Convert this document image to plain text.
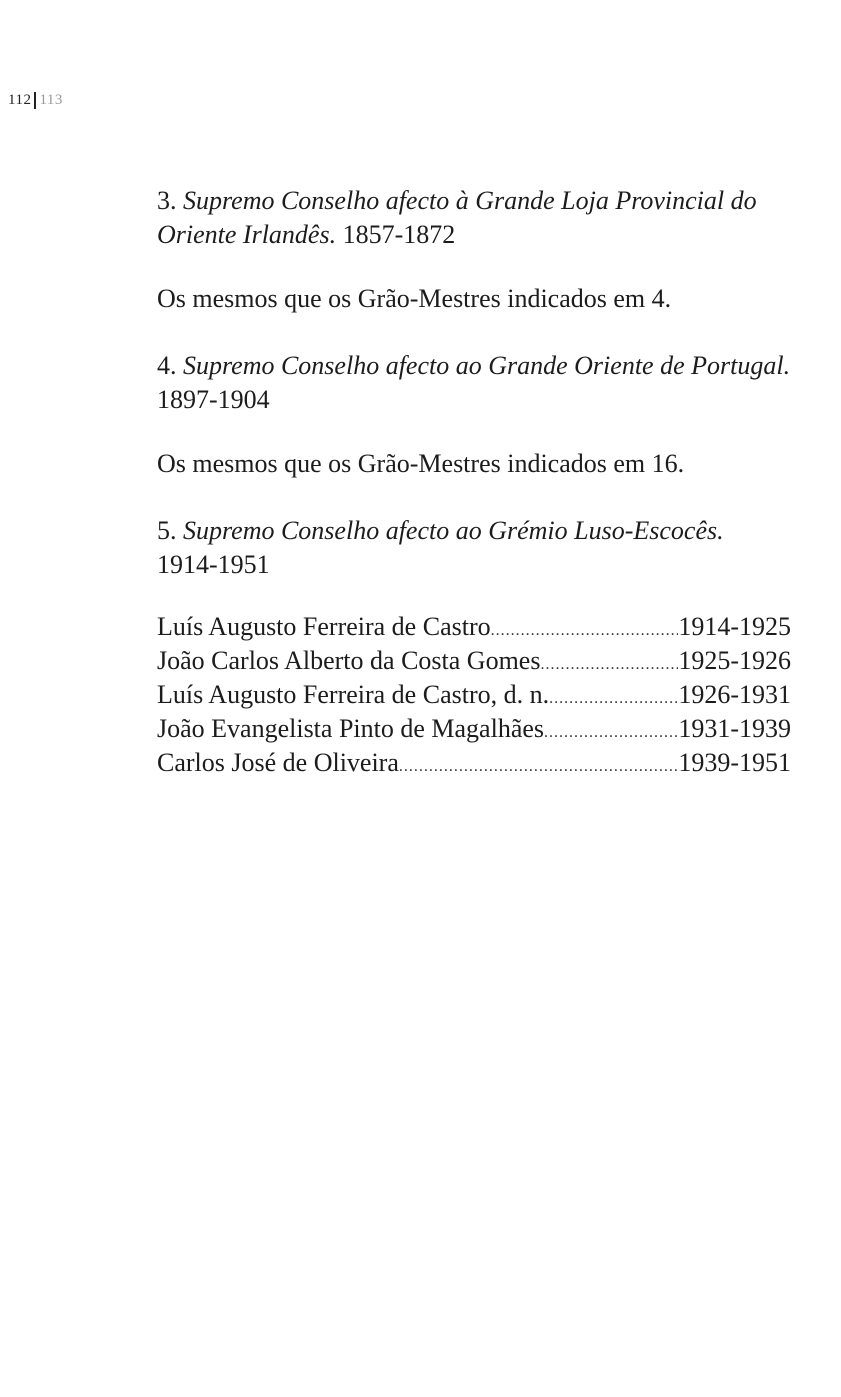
112 113

3. Supremo Conselho afecto à Grande Loja Provincial do Oriente Irlandês. 1857-1872

Os mesmos que os Grão-Mestres indicados em 4.

4. Supremo Conselho afecto ao Grande Oriente de Portugal. 1897-1904

Os mesmos que os Grão-Mestres indicados em 16.

5. Supremo Conselho afecto ao Grémio Luso-Escocês.
1914-1951

Luís Augusto Ferreira de Castro .....	1914-1925
João Carlos Alberto da Costa Gomes .....	1925-1926
Luís Augusto Ferreira de Castro, d. n. .....	1926-1931
João Evangelista Pinto de Magalhães .....	1931-1939
Carlos José de Oliveira .....	1939-1951
